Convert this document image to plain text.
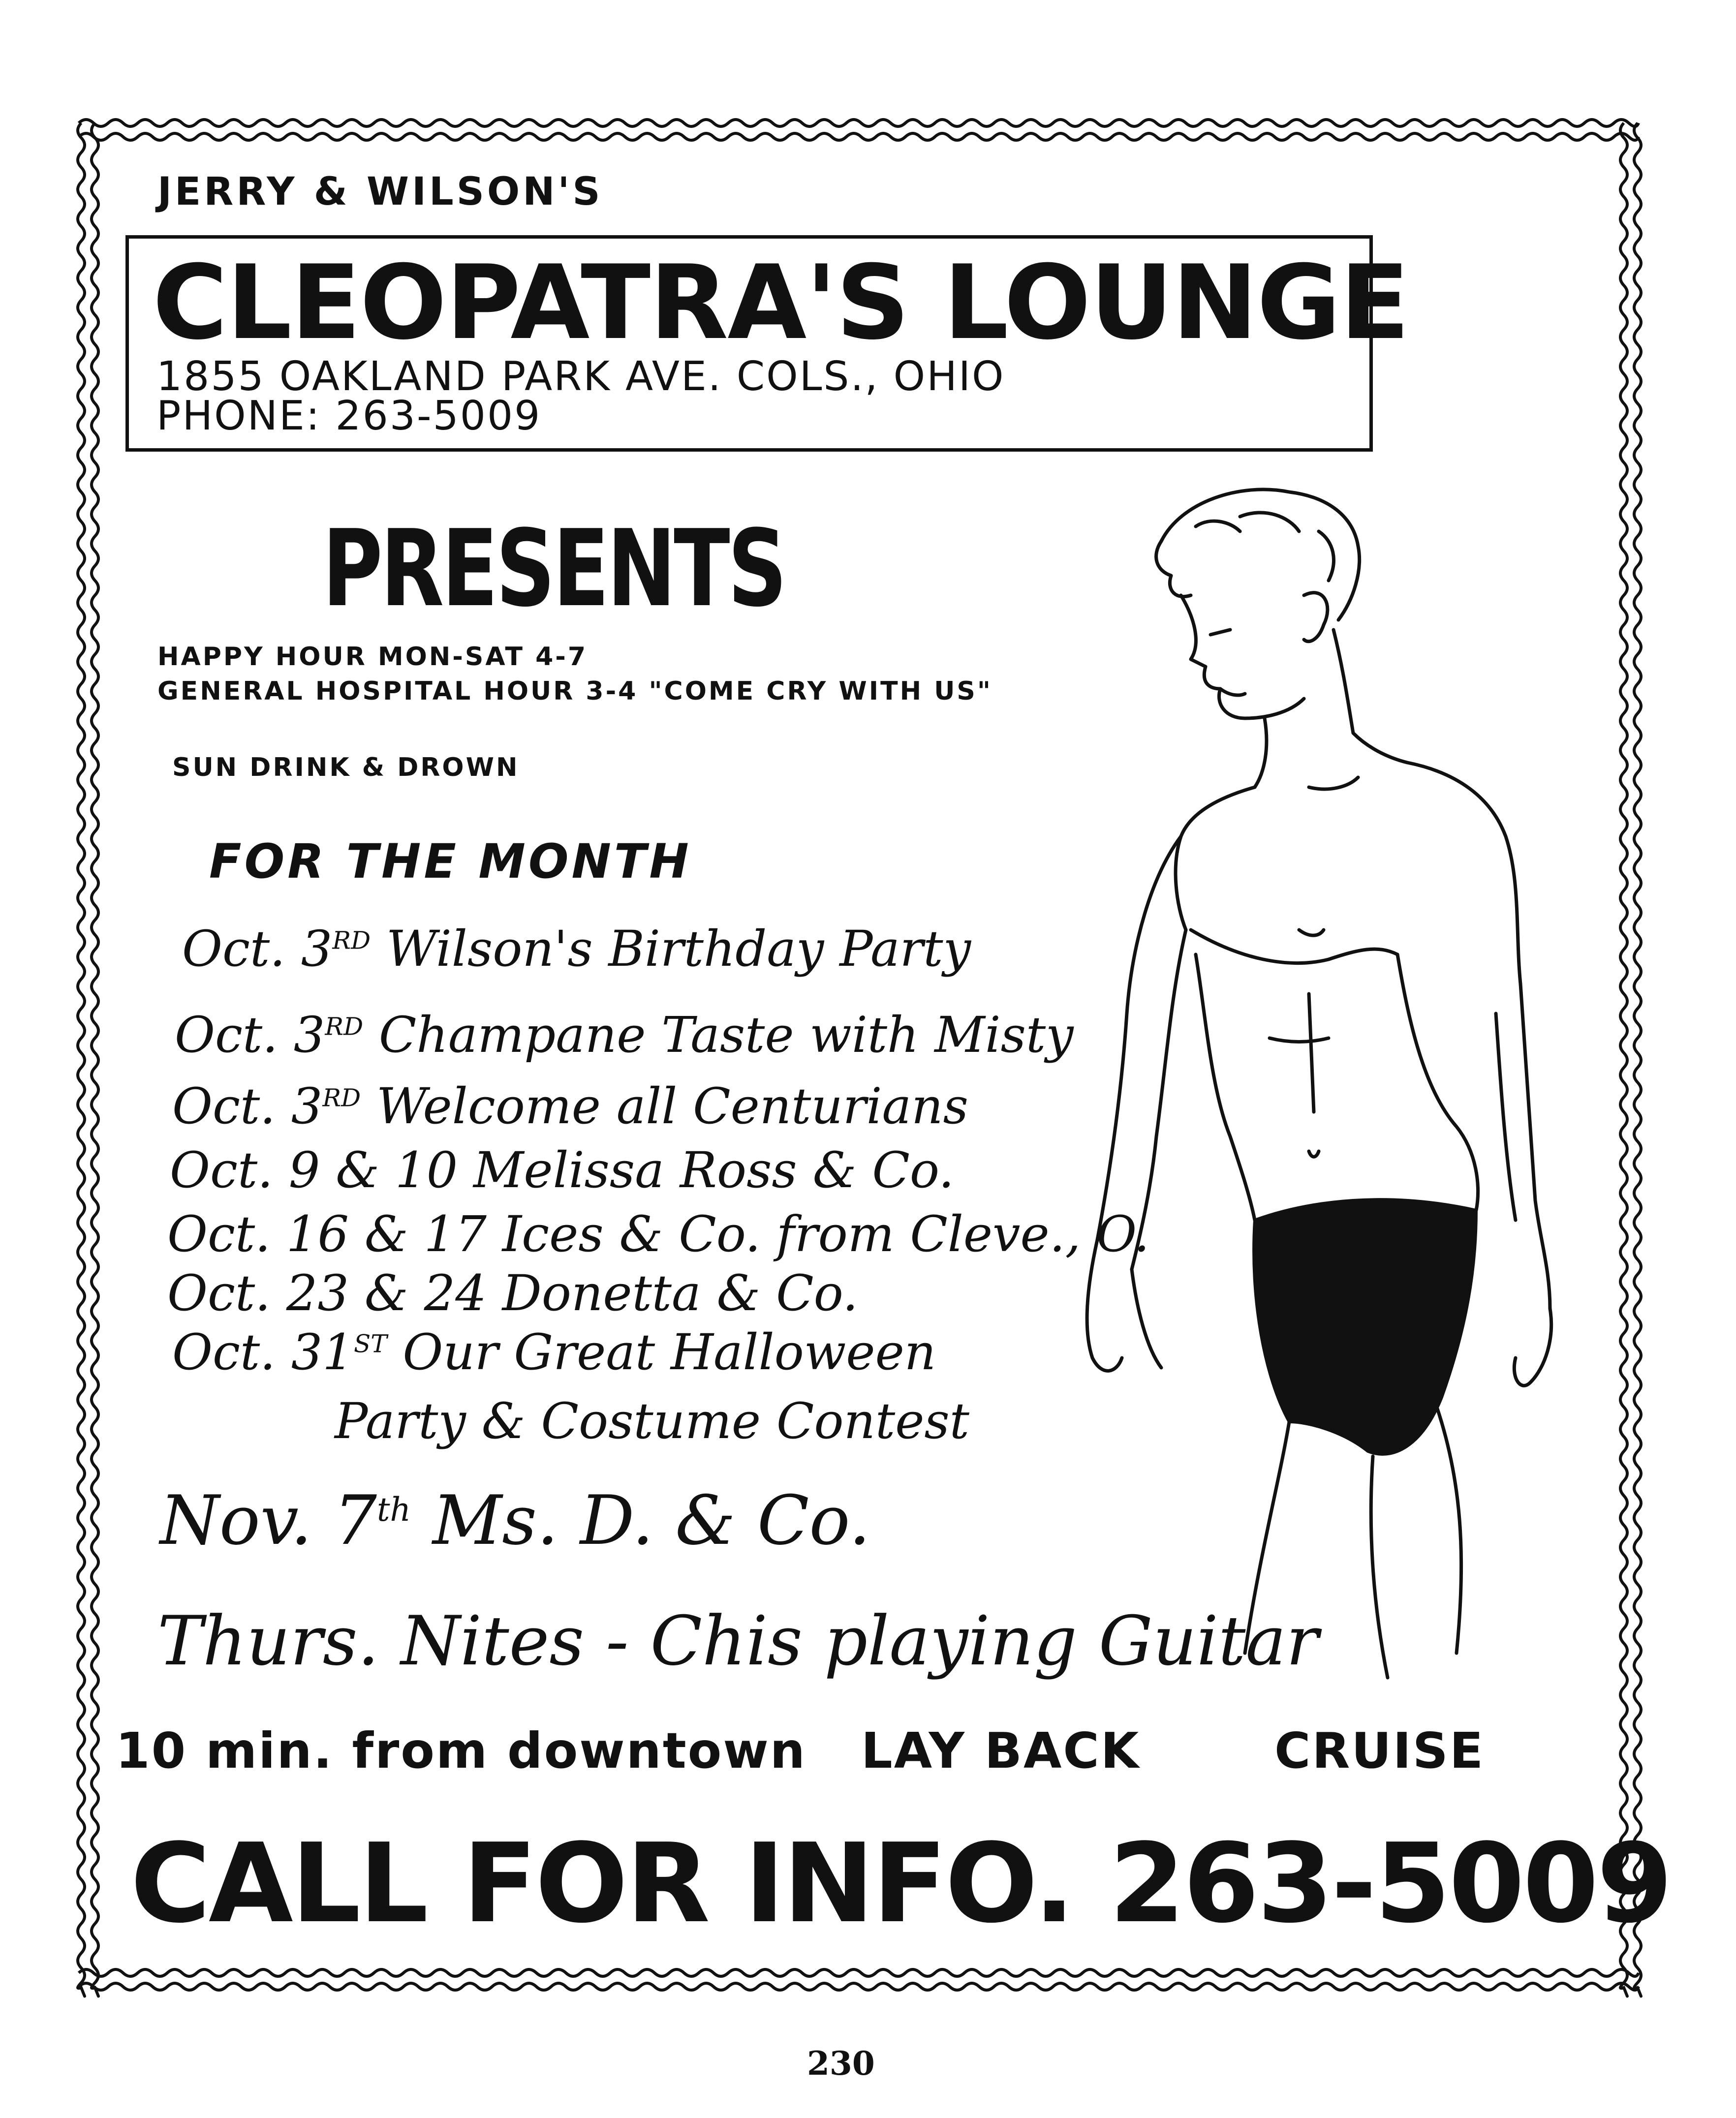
JERRY & WILSON'S
CLEOPATRA'S LOUNGE
1855 OAKLAND PARK AVE. COLS., OHIO
PHONE: 263-5009
PRESENTS
HAPPY HOUR MON-SAT 4-7
GENERAL HOSPITAL HOUR 3-4 "COME CRY WITH US"
SUN DRINK & DROWN
FOR THE MONTH
Oct. 3RD Wilson's Birthday Party
Oct. 3RD Champane Taste with Misty
Oct. 3RD Welcome all Centurians
Oct. 9 & 10 Melissa Ross & Co.
Oct. 16 & 17 Ices & Co. from Cleve., O.
Oct. 23 & 24 Donetta & Co.
Oct. 31ST Our Great Halloween
Party & Costume Contest
Nov. 7th Ms. D. & Co.
Thurs. Nites - Chis playing Guitar
10 min. from downtown LAY BACK	CRUISE
CALL FOR INFO. 263-5009
230
